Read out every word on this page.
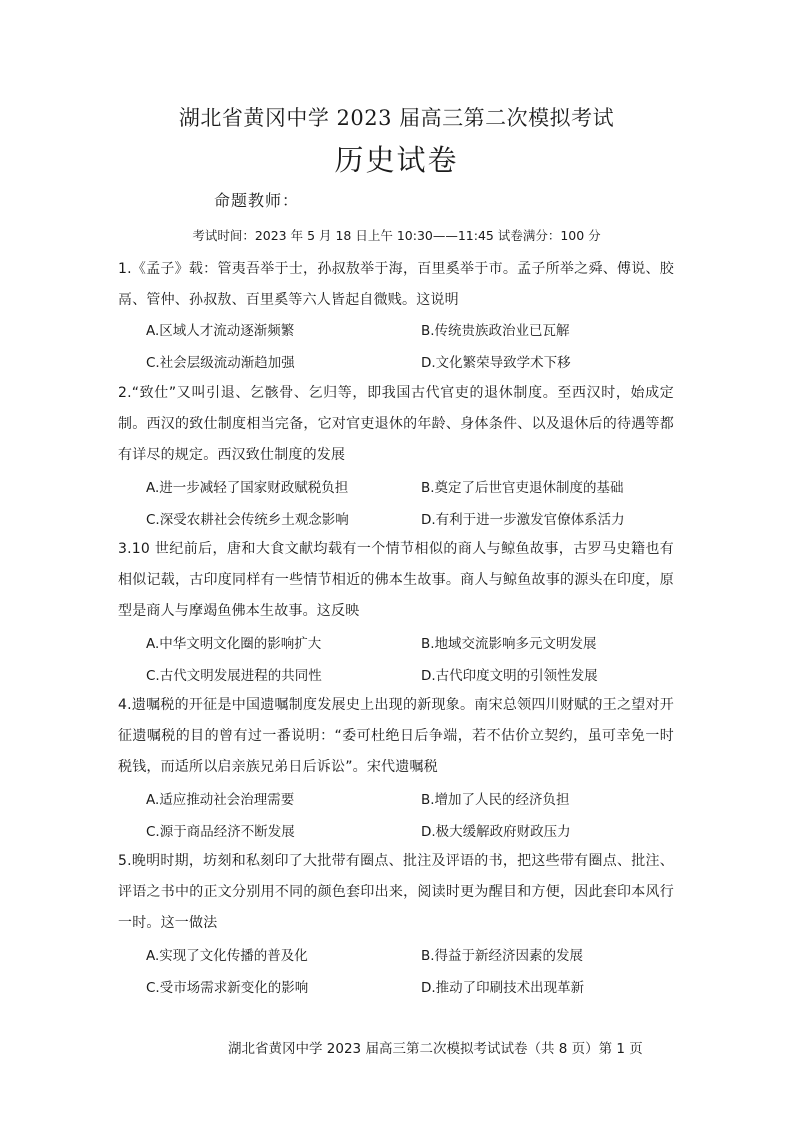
湖北省黄冈中学 2023 届高三第二次模拟考试
历史试卷
命题教师：
考试时间：2023 年 5 月 18 日上午 10:30——11:45 试卷满分：100 分
1.《孟子》载：管夷吾举于士，孙叔敖举于海，百里奚举于市。孟子所举之舜、傅说、胶鬲、管仲、孙叔敖、百里奚等六人皆起自微贱。这说明
A.区域人才流动逐渐频繁	B.传统贵族政治业已瓦解
C.社会层级流动渐趋加强	D.文化繁荣导致学术下移
2.“致仕”又叫引退、乞骸骨、乞归等，即我国古代官吏的退休制度。至西汉时，始成定制。西汉的致仕制度相当完备，它对官吏退休的年龄、身体条件、以及退休后的待遇等都有详尽的规定。西汉致仕制度的发展
A.进一步减轻了国家财政赋税负担	B.奠定了后世官吏退休制度的基础
C.深受农耕社会传统乡土观念影响	D.有利于进一步激发官僚体系活力
3.10 世纪前后，唐和大食文献均载有一个情节相似的商人与鲸鱼故事，古罗马史籍也有相似记载，古印度同样有一些情节相近的佛本生故事。商人与鲸鱼故事的源头在印度，原型是商人与摩竭鱼佛本生故事。这反映
A.中华文明文化圈的影响扩大	B.地域交流影响多元文明发展
C.古代文明发展进程的共同性	D.古代印度文明的引领性发展
4.遗嘱税的开征是中国遗嘱制度发展史上出现的新现象。南宋总领四川财赋的王之望对开征遗嘱税的目的曾有过一番说明：“委可杜绝日后争端，若不估价立契约，虽可幸免一时税钱，而适所以启亲族兄弟日后诉讼”。宋代遗嘱税
A.适应推动社会治理需要	B.增加了人民的经济负担
C.源于商品经济不断发展	D.极大缓解政府财政压力
5.晚明时期，坊刻和私刻印了大批带有圈点、批注及评语的书，把这些带有圈点、批注、评语之书中的正文分别用不同的颜色套印出来，阅读时更为醒目和方便，因此套印本风行一时。这一做法
A.实现了文化传播的普及化	B.得益于新经济因素的发展
C.受市场需求新变化的影响	D.推动了印刷技术出现革新
湖北省黄冈中学 2023 届高三第二次模拟考试试卷（共 8 页）第 1 页
